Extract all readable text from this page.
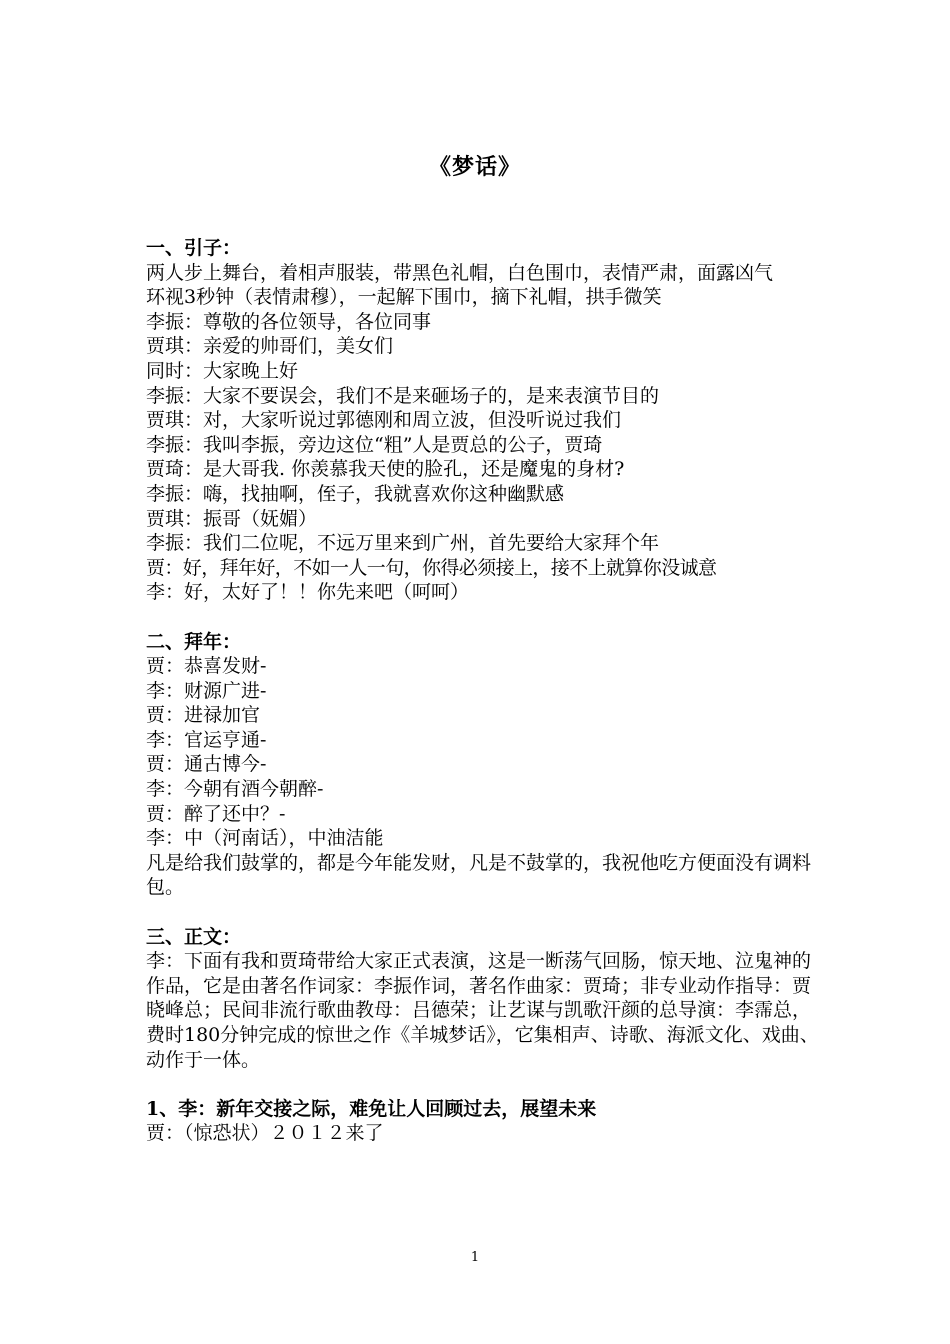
《梦话》
一、引子：
两人步上舞台，着相声服装，带黑色礼帽，白色围巾，表情严肃，面露凶气
环视3秒钟（表情肃穆），一起解下围巾，摘下礼帽，拱手微笑
李振：尊敬的各位领导，各位同事
贾琪：亲爱的帅哥们，美女们
同时：大家晚上好
李振：大家不要误会，我们不是来砸场子的，是来表演节目的
贾琪：对，大家听说过郭德刚和周立波，但没听说过我们
李振：我叫李振，旁边这位“粗”人是贾总的公子，贾琦
贾琦：是大哥我. 你羡慕我天使的脸孔，还是魔鬼的身材?
李振：嗨，找抽啊，侄子，我就喜欢你这种幽默感
贾琪：振哥（妩媚）
李振：我们二位呢，不远万里来到广州，首先要给大家拜个年
贾：好，拜年好，不如一人一句，你得必须接上，接不上就算你没诚意
李：好，太好了！！你先来吧（呵呵）
二、拜年：
贾：恭喜发财-
李：财源广进-
贾：进禄加官
李：官运亨通-
贾：通古博今-
李：今朝有酒今朝醉-
贾：醉了还中？-
李：中（河南话），中油洁能
凡是给我们鼓掌的，都是今年能发财，凡是不鼓掌的，我祝他吃方便面没有调料包。
三、正文：
李：下面有我和贾琦带给大家正式表演，这是一断荡气回肠，惊天地、泣鬼神的作品，它是由著名作词家：李振作词，著名作曲家：贾琦；非专业动作指导：贾晓峰总；民间非流行歌曲教母：吕德荣；让艺谋与凯歌汗颜的总导演：李霈总，费时180分钟完成的惊世之作《羊城梦话》，它集相声、诗歌、海派文化、戏曲、动作于一体。
1、李：新年交接之际，难免让人回顾过去，展望未来
贾：（惊恐状）２０１２来了
1
